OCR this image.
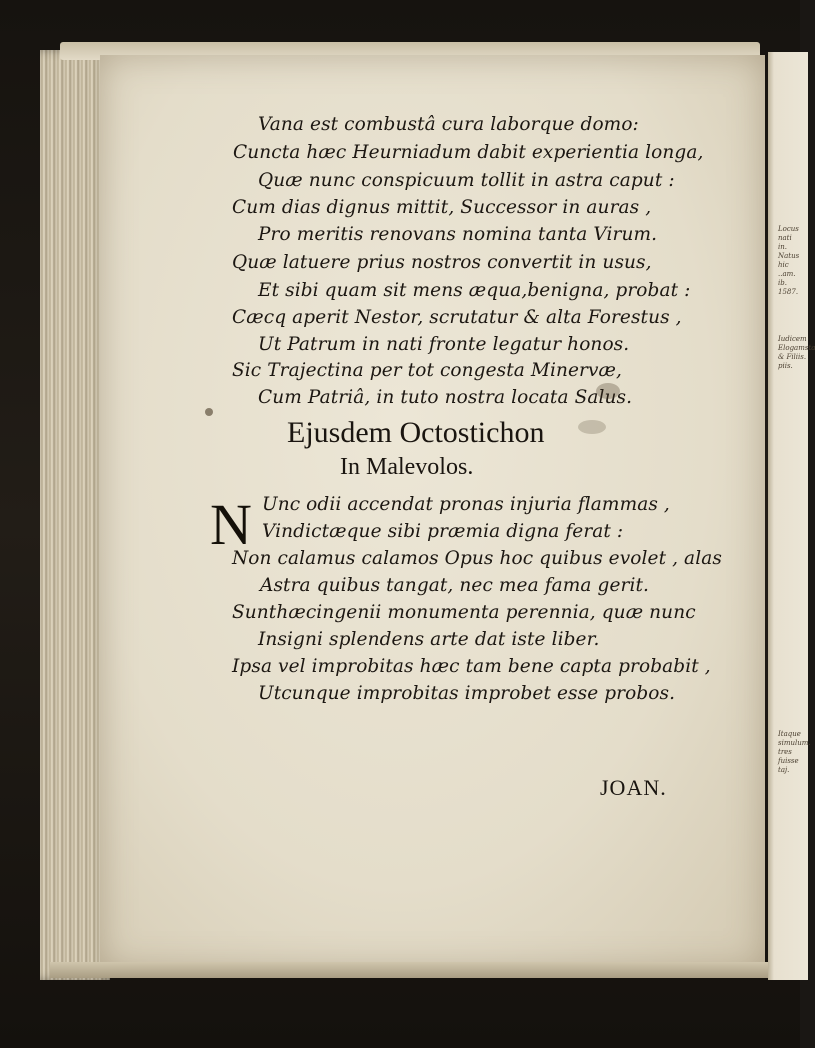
Locus nati
in.
Natus hic
..am. ib.
1587.
Iudicem
Elogamsta
& Filiis.
piis.
Itaque
simulum.
tres fuisse
taj.
Vana est combustâ cura laborque domo:
Cuncta hæc Heurniadum dabit experientia longa,
Quæ nunc conspicuum tollit in astra caput :
Cum dias dignus mittit, Successor in auras ,
Pro meritis renovans nomina tanta Virum.
Quæ latuere prius nostros convertit in usus,
Et sibi quam sit mens æqua,benigna, probat :
Cæcq aperit Nestor, scrutatur & alta Forestus ,
Ut Patrum in nati fronte legatur honos.
Sic Trajectina per tot congesta Minervæ,
Cum Patriâ, in tuto nostra locata Salus.
Ejusdem Octostichon
In Malevolos.
N Unc odii accendat pronas injuria flammas ,
Vindictæque sibi præmia digna ferat :
Non calamus calamos Opus hoc quibus evolet , alas
Astra quibus tangat, nec mea fama gerit.
Sunthæcingenii monumenta perennia, quæ nunc
Insigni splendens arte dat iste liber.
Ipsa vel improbitas hæc tam bene capta probabit ,
Utcunque improbitas improbet esse probos.
JOAN.
